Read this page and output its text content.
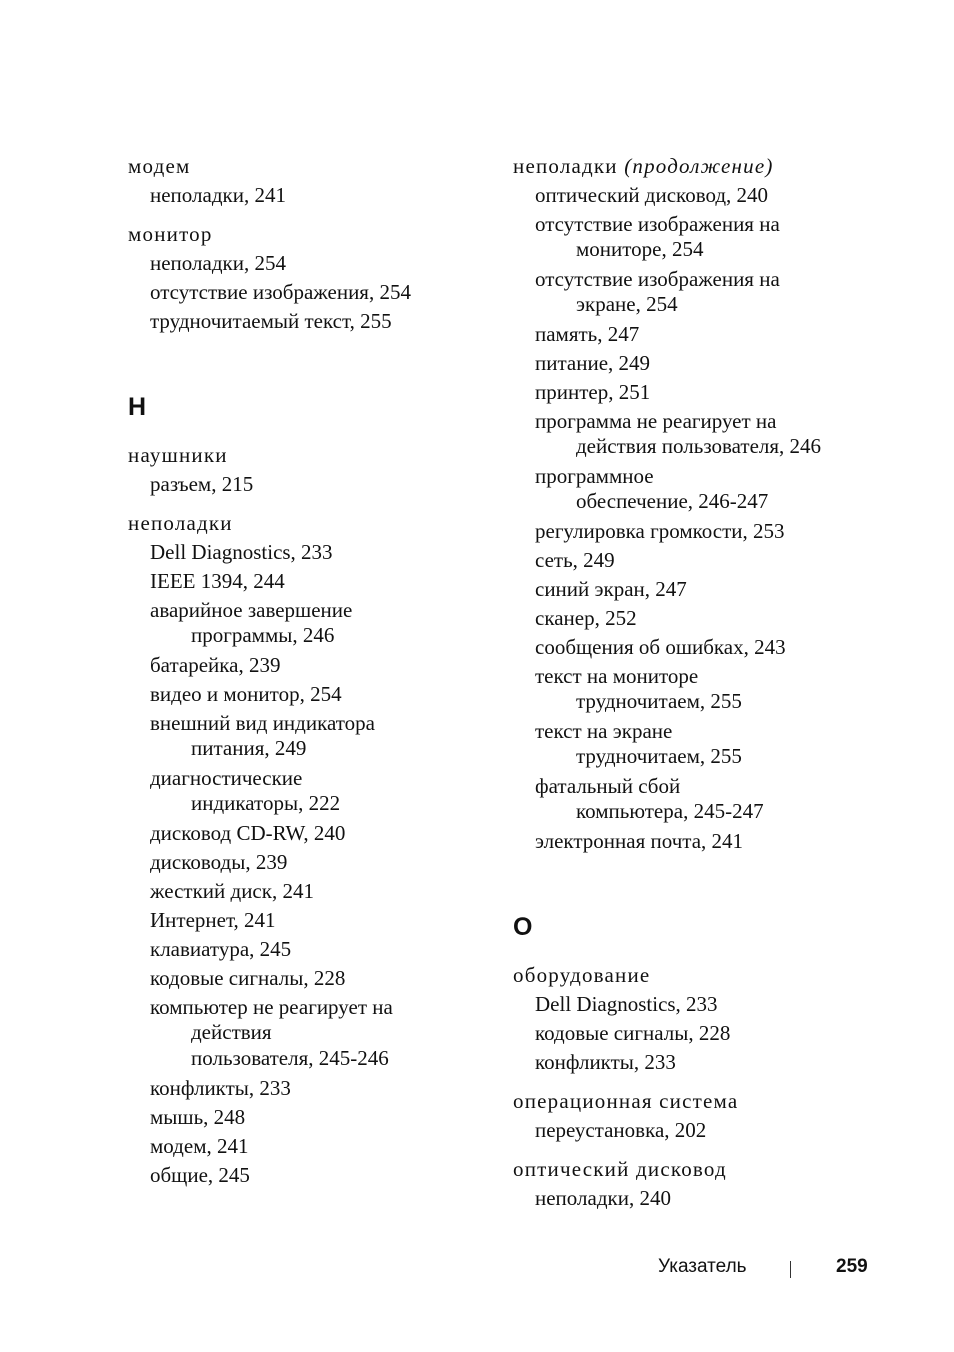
модем
неполадки, 241
монитор
неполадки, 254
отсутствие изображения, 254
трудночитаемый текст, 255
Н
наушники
разъем, 215
неполадки
Dell Diagnostics, 233
IEEE 1394, 244
аварийное завершение
программы, 246
батарейка, 239
видео и монитор, 254
внешний вид индикатора
питания, 249
диагностические
индикаторы, 222
дисковод CD-RW, 240
дисководы, 239
жесткий диск, 241
Интернет, 241
клавиатура, 245
кодовые сигналы, 228
компьютер не реагирует на
действия
пользователя, 245-246
конфликты, 233
мышь, 248
модем, 241
общие, 245
неполадки (продолжение)
оптический дисковод, 240
отсутствие изображения на
мониторе, 254
отсутствие изображения на
экране, 254
память, 247
питание, 249
принтер, 251
программа не реагирует на
действия пользователя, 246
программное
обеспечение, 246-247
регулировка громкости, 253
сеть, 249
синий экран, 247
сканер, 252
сообщения об ошибках, 243
текст на мониторе
трудночитаем, 255
текст на экране
трудночитаем, 255
фатальный сбой
компьютера, 245-247
электронная почта, 241
О
оборудование
Dell Diagnostics, 233
кодовые сигналы, 228
конфликты, 233
операционная система
переустановка, 202
оптический дисковод
неполадки, 240
Указатель	259
